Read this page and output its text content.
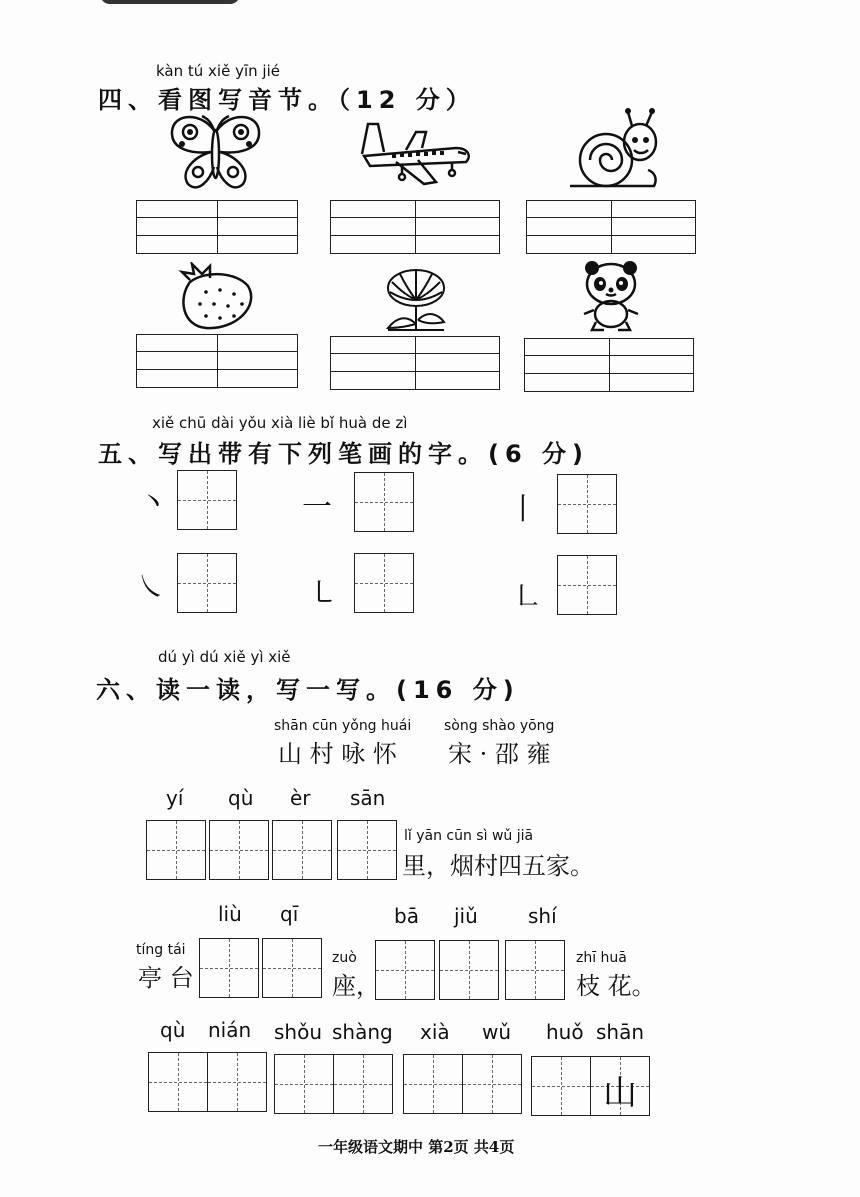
kàn tú xiě yīn jié
四、看图写音节。（12 分）
xiě chū dài yǒu xià liè bǐ huà de zì
五、写出带有下列笔画的字。(6 分)
丶	一	丨
㇏	㇄	㇗
dú yì dú xiě yì xiě
六、读一读，写一写。(16 分)
shān cūn yǒng huái
山 村 咏 怀
sòng shào yōng
宋 · 邵 雍
yí qù èr sān
lǐ yān cūn sì wǔ jiā
里，烟村四五家。
liù qī	bā jiǔ	shí
tíng tái
亭 台
zuò
座，
zhī huā
枝 花。
qù nián shǒu shàng xià wǔ huǒ shān
山
一年级语文期中 第2页 共4页
